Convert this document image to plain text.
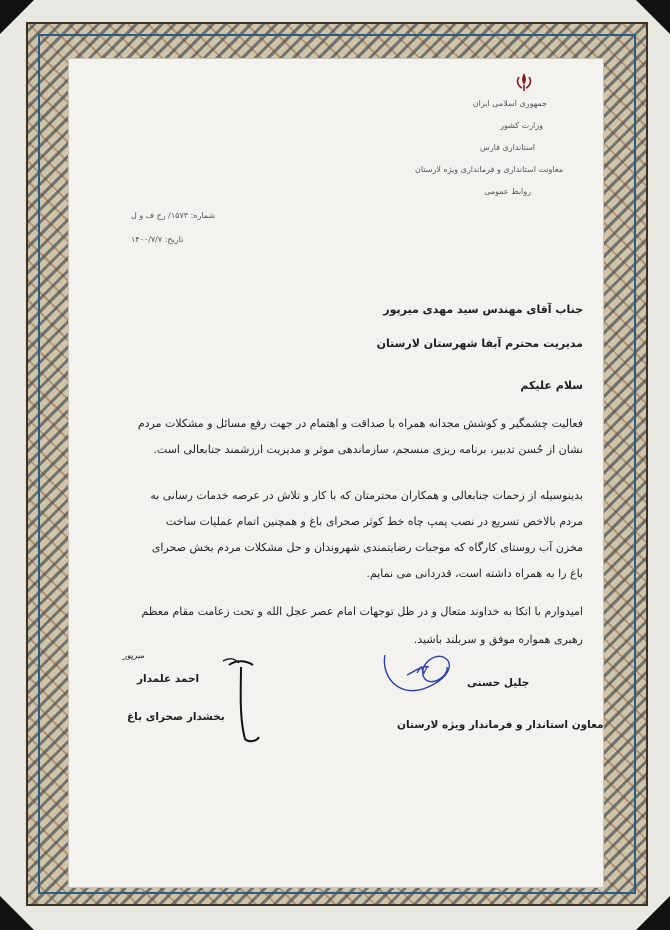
جمهوری اسلامی ایران
وزارت کشور
استانداری فارس
معاونت استانداری و فرمانداری ویژه لارستان
روابط عمومی
شماره: ۱۵۷۳/ رج ف و ل
تاریخ: ۱۴۰۰/۷/۷
جناب آقای مهندس سید مهدی میرپور
مدیریت محترم آبفا شهرستان لارستان
سلام علیکم
فعالیت چشمگیر و کوشش مجدانه همراه با صداقت و اهتمام در جهت رفع مسائل و مشکلات مردم
نشان از حُسن تدبیر، برنامه ریزی منسجم، سازماندهی موثر و مدیریت ارزشمند جنابعالی است.
بدینوسیله از زحمات جنابعالی و همکاران محترمتان که با کار و تلاش در عرصه خدمات رسانی به
مردم بالاخص تسریع در نصب پمپ چاه خط کوثر صحرای باغ و همچنین اتمام عملیات ساخت
مخزن آب روستای کارگاه که موجبات رضایتمندی شهروندان و حل مشکلات مردم بخش صحرای
باغ را به همراه داشته است، قدردانی می نمایم.
امیدوارم با اتکا به خداوند متعال و در ظل توجهات امام عصر عجل الله و تحت زعامت مقام معظم
رهبری همواره موفق و سربلند باشید.
جلیل حسنی
معاون استاندار و فرماندار ویژه لارستان
میرپور
احمد علمدار
بخشدار صحرای باغ
